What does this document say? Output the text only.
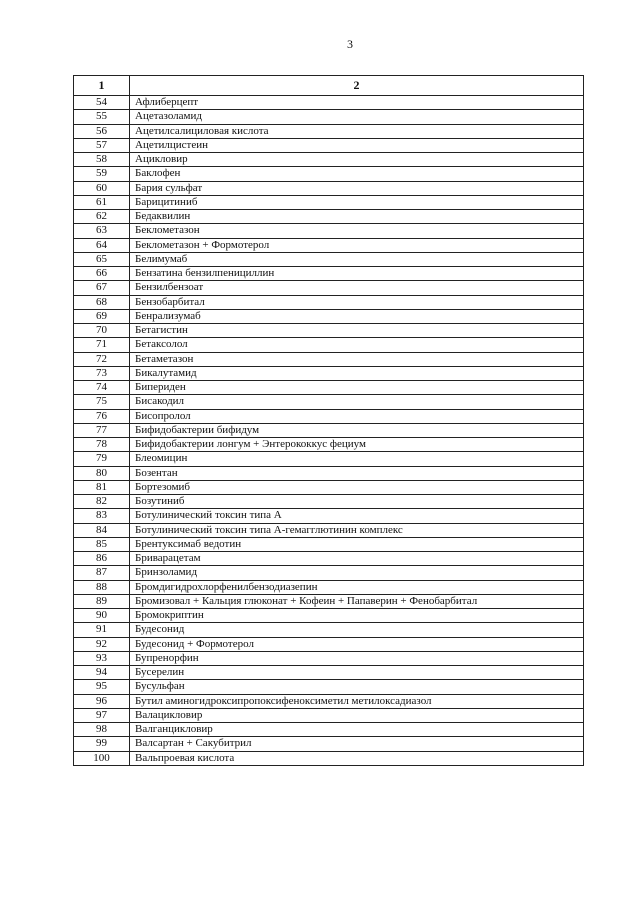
3
1	2
54	Афлиберцепт
55	Ацетазоламид
56	Ацетилсалициловая кислота
57	Ацетилцистеин
58	Ацикловир
59	Баклофен
60	Бария сульфат
61	Барицитиниб
62	Бедаквилин
63	Беклометазон
64	Беклометазон + Формотерол
65	Белимумаб
66	Бензатина бензилпенициллин
67	Бензилбензоат
68	Бензобарбитал
69	Бенрализумаб
70	Бетагистин
71	Бетаксолол
72	Бетаметазон
73	Бикалутамид
74	Бипериден
75	Бисакодил
76	Бисопролол
77	Бифидобактерии бифидум
78	Бифидобактерии лонгум + Энтерококкус фециум
79	Блеомицин
80	Бозентан
81	Бортезомиб
82	Бозутиниб
83	Ботулинический токсин типа А
84	Ботулинический токсин типа А-гемагглютинин комплекс
85	Брентуксимаб ведотин
86	Бриварацетам
87	Бринзоламид
88	Бромдигидрохлорфенилбензодиазепин
89	Бромизовал + Кальция глюконат + Кофеин + Папаверин + Фенобарбитал
90	Бромокриптин
91	Будесонид
92	Будесонид + Формотерол
93	Бупренорфин
94	Бусерелин
95	Бусульфан
96	Бутил аминогидроксипропоксифеноксиметил метилоксадиазол
97	Валацикловир
98	Валганцикловир
99	Валсартан + Сакубитрил
100	Вальпроевая кислота
